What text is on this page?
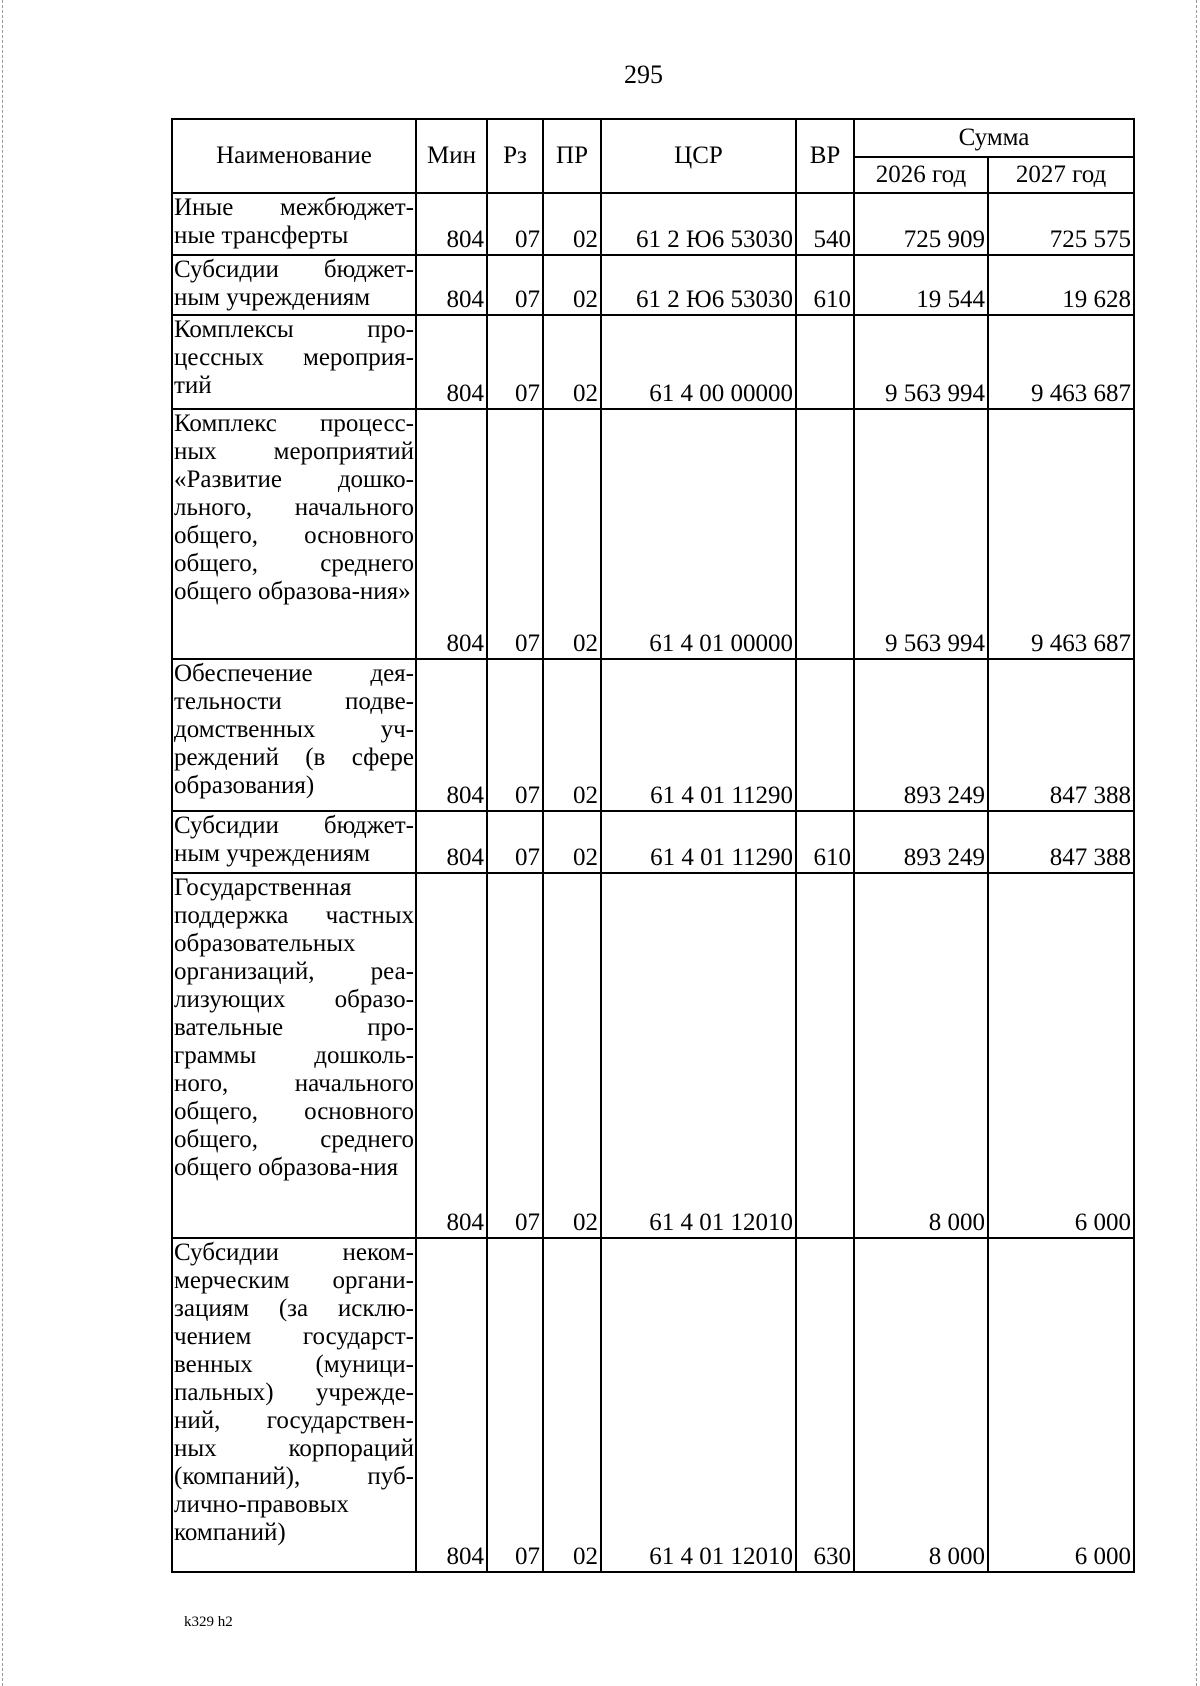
295
Наименование	Мин	Рз	ПР	ЦСР	ВР	Сумма	
						2026 год	2027 год
Иные межбюджет-ные трансферты	804	07	02	61 2 Ю6 53030	540	725 909	725 575
Субсидии бюджет-ным учреждениям	804	07	02	61 2 Ю6 53030	610	19 544	19 628
Комплексы про-цессных мероприя-тий	804	07	02	61 4 00 00000		9 563 994	9 463 687
Комплекс процесс-ных мероприятий «Развитие дошко-льного, начального общего, основного общего, среднего общего образова-ния»	804	07	02	61 4 01 00000		9 563 994	9 463 687
Обеспечение дея-тельности подве-домственных уч-реждений (в сфере образования)	804	07	02	61 4 01 11290		893 249	847 388
Субсидии бюджет-ным учреждениям	804	07	02	61 4 01 11290	610	893 249	847 388
Государственная поддержка частных образовательных организаций, реа-лизующих образо-вательные про-граммы дошколь-ного, начального общего, основного общего, среднего общего образова-ния	804	07	02	61 4 01 12010		8 000	6 000
Субсидии неком-мерческим органи-зациям (за исклю-чением государст-венных (муници-пальных) учрежде-ний, государствен-ных корпораций (компаний), пуб-лично-правовых компаний)	804	07	02	61 4 01 12010	630	8 000	6 000
k329 h2
